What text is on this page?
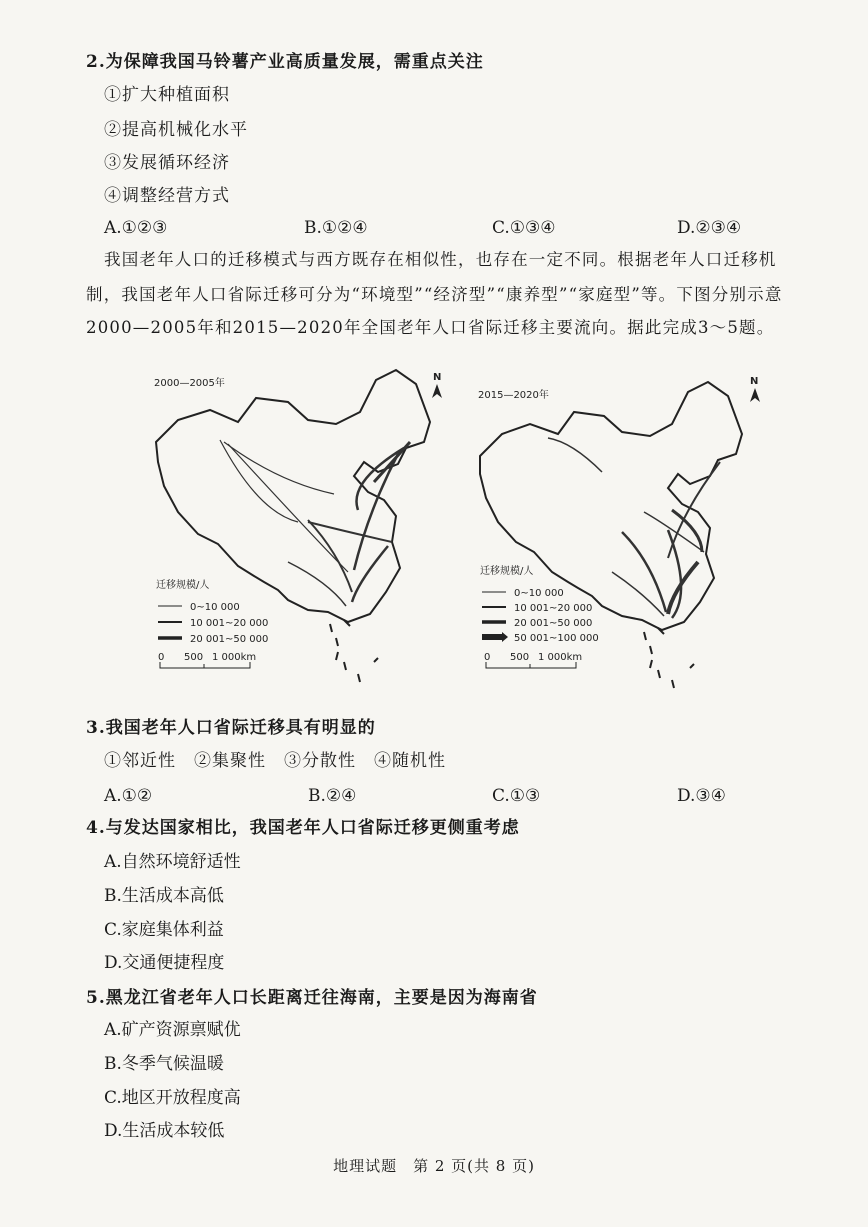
2.为保障我国马铃薯产业高质量发展，需重点关注
①扩大种植面积
②提高机械化水平
③发展循环经济
④调整经营方式
A.①②③	B.①②④	C.①③④	D.②③④
我国老年人口的迁移模式与西方既存在相似性，也存在一定不同。根据老年人口迁移机
制，我国老年人口省际迁移可分为“环境型”“经济型”“康养型”“家庭型”等。下图分别示意
2000—2005年和2015—2020年全国老年人口省际迁移主要流向。据此完成3～5题。
2000—2005年
N
迁移规模/人
0~10 000
10 001~20 000
20 001~50 000
0 500 1 000km
2015—2020年
N
迁移规模/人
0~10 000
10 001~20 000
20 001~50 000
50 001~100 000
0 500 1 000km
3.我国老年人口省际迁移具有明显的
①邻近性　②集聚性　③分散性　④随机性
A.①②	B.②④	C.①③	D.③④
4.与发达国家相比，我国老年人口省际迁移更侧重考虑
A.自然环境舒适性
B.生活成本高低
C.家庭集体利益
D.交通便捷程度
5.黑龙江省老年人口长距离迁往海南，主要是因为海南省
A.矿产资源禀赋优
B.冬季气候温暖
C.地区开放程度高
D.生活成本较低
地理试题　第 2 页(共 8 页)
